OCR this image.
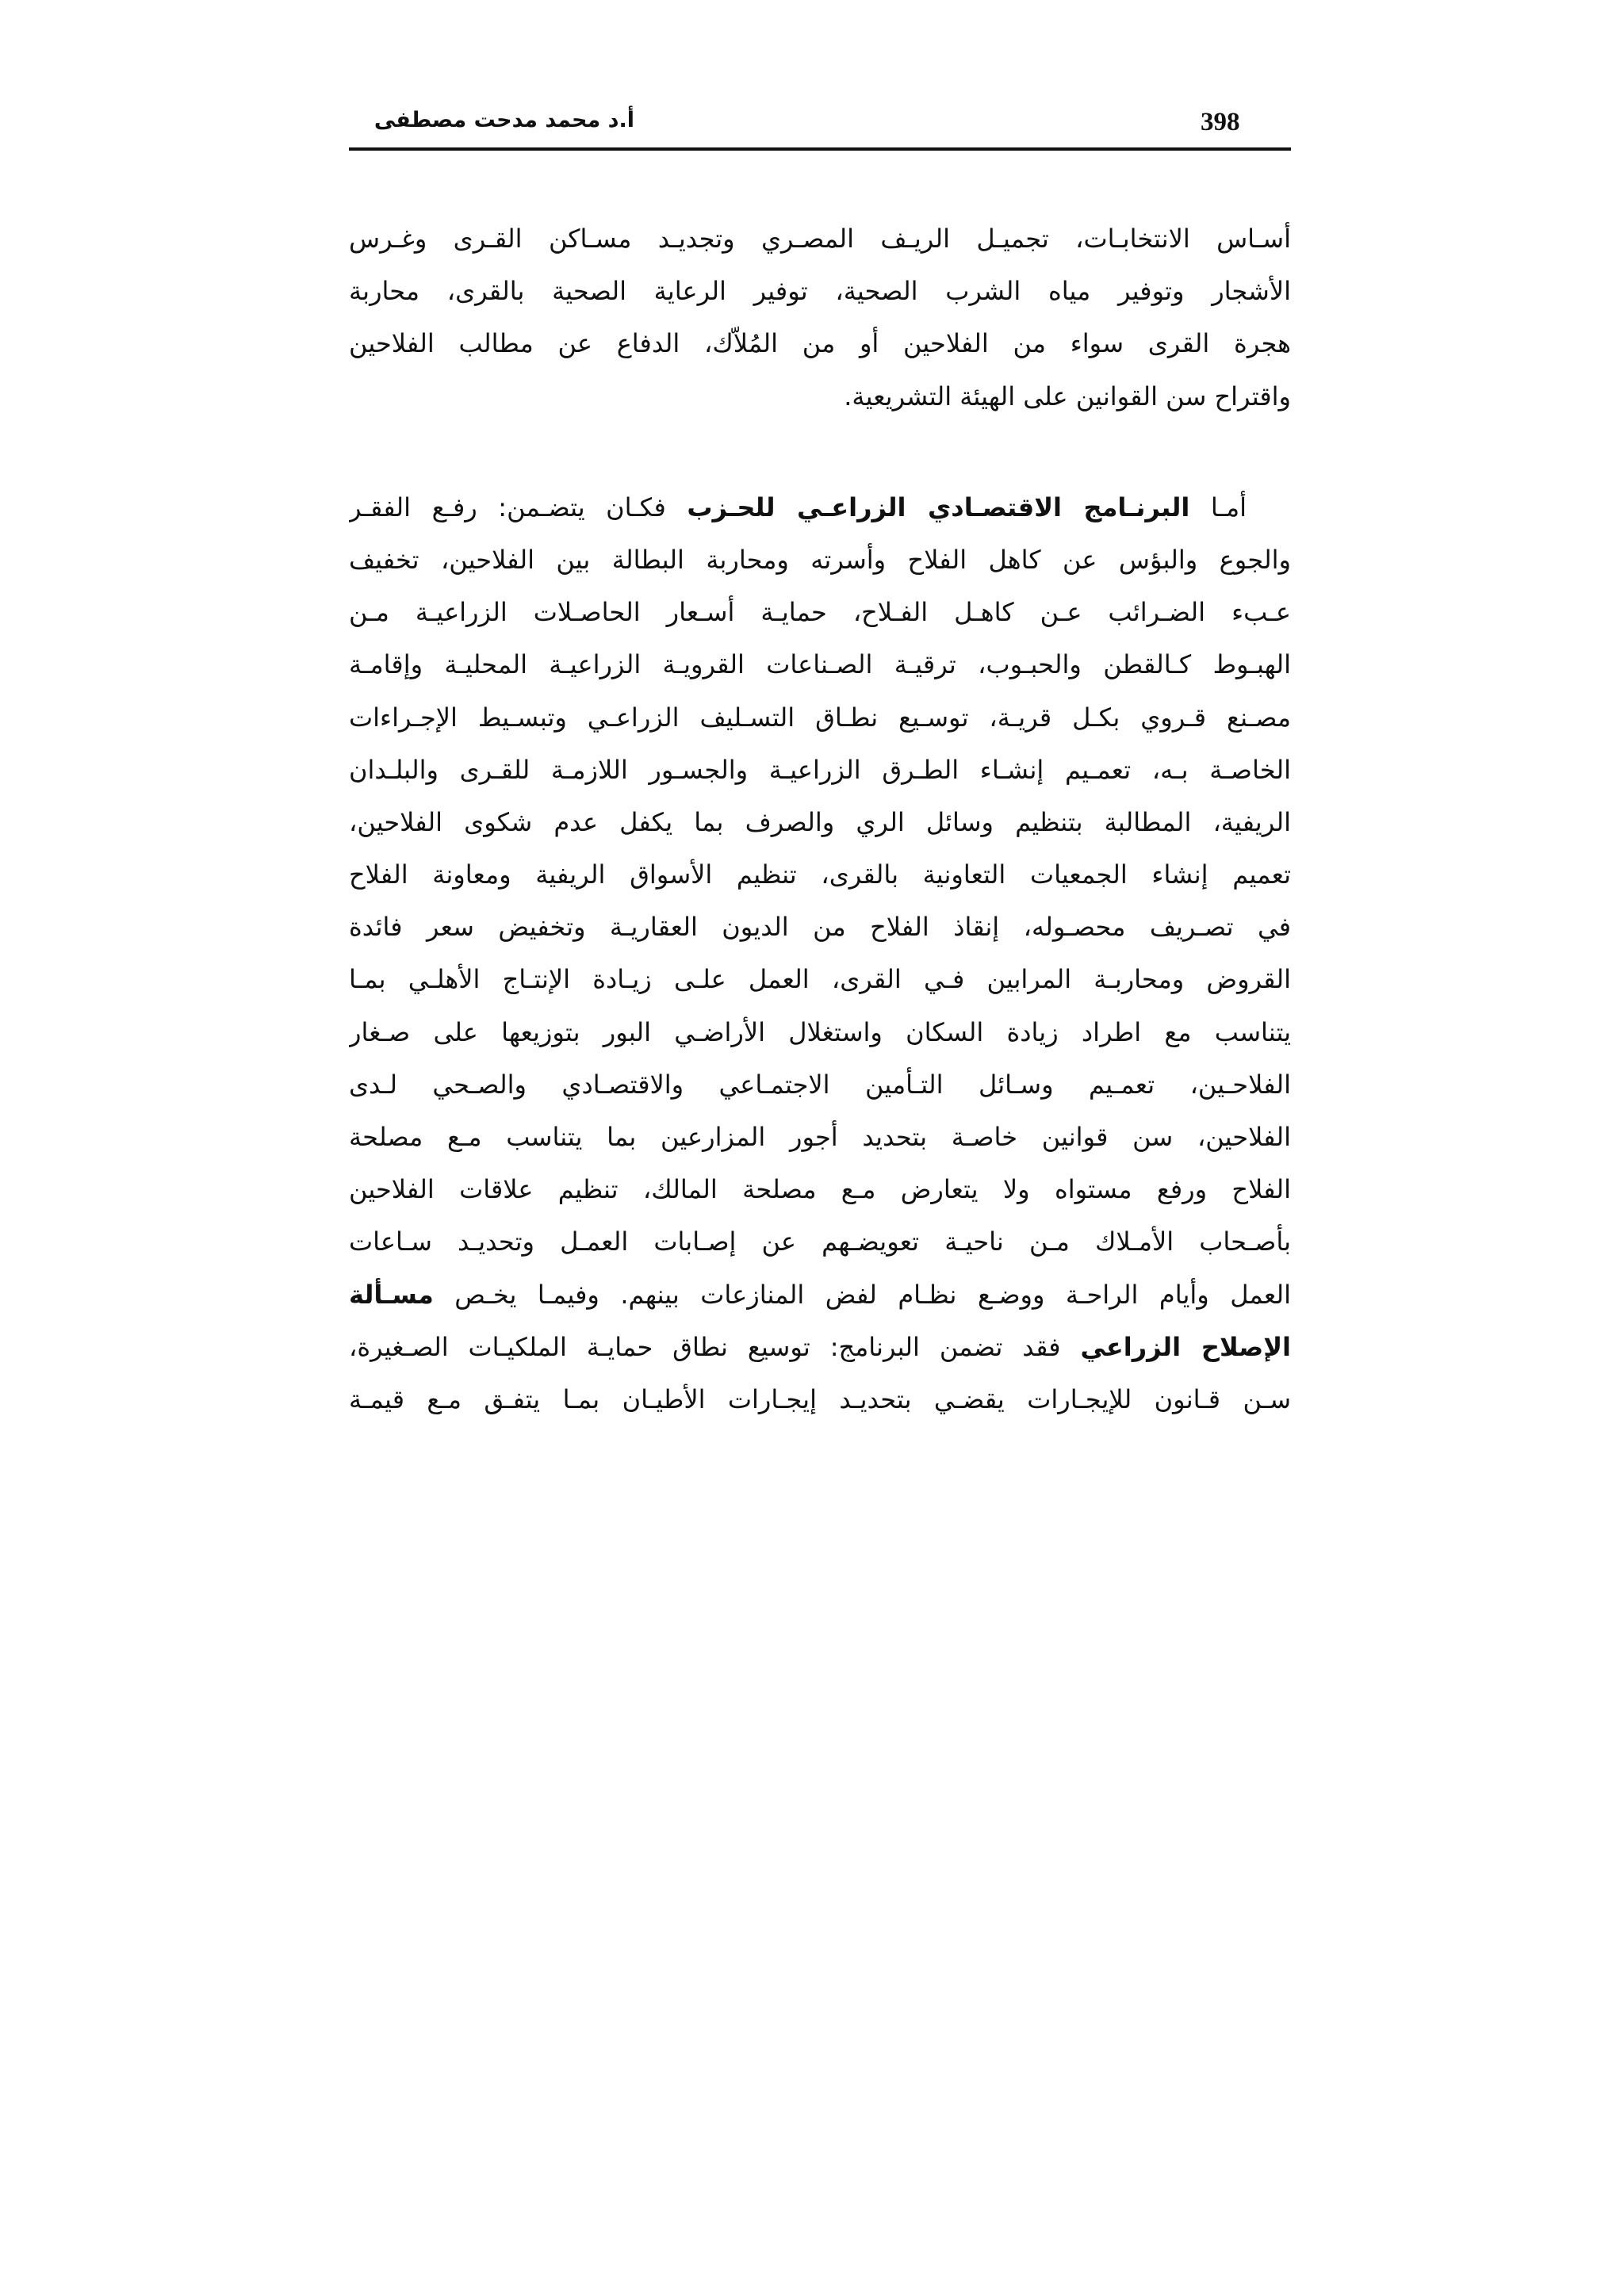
أ.د محمد مدحت مصطفى	398
أسـاس الانتخابـات، تجميـل الريـف المصـري وتجديـد مسـاكن القـرى وغـرس
الأشجار وتوفير مياه الشرب الصحية، توفير الرعاية الصحية بالقرى، محاربة
هجرة القرى سواء من الفلاحين أو من المُلاّك، الدفاع عن مطالب الفلاحين
واقتراح سن القوانين على الهيئة التشريعية.
أمـا البرنـامج الاقتصـادي الزراعـي للحـزب فكـان يتضـمن: رفـع الفقـر
والجوع والبؤس عن كاهل الفلاح وأسرته ومحاربة البطالة بين الفلاحين، تخفيف
عـبء الضـرائب عـن كاهـل الفـلاح، حمايـة أسـعار الحاصـلات الزراعيـة مـن
الهبـوط كـالقطن والحبـوب، ترقيـة الصـناعات القرويـة الزراعيـة المحليـة وإقامـة
مصـنع قـروي بكـل قريـة، توسـيع نطـاق التسـليف الزراعـي وتبسـيط الإجـراءات
الخاصـة بـه، تعمـيم إنشـاء الطـرق الزراعيـة والجسـور اللازمـة للقـرى والبلـدان
الريفية، المطالبة بتنظيم وسائل الري والصرف بما يكفل عدم شكوى الفلاحين،
تعميم إنشاء الجمعيات التعاونية بالقرى، تنظيم الأسواق الريفية ومعاونة الفلاح
في تصـريف محصـوله، إنقاذ الفلاح من الديون العقاريـة وتخفيض سعر فائدة
القروض ومحاربـة المرابين فـي القرى، العمل علـى زيـادة الإنتـاج الأهلـي بمـا
يتناسب مع اطراد زيادة السكان واستغلال الأراضـي البور بتوزيعها على صـغار
الفلاحـين، تعمـيم وسـائل التـأمين الاجتمـاعي والاقتصـادي والصـحي لـدى
الفلاحين، سن قوانين خاصـة بتحديد أجور المزارعين بما يتناسب مـع مصلحة
الفلاح ورفع مستواه ولا يتعارض مـع مصلحة المالك، تنظيم علاقات الفلاحين
بأصـحاب الأمـلاك مـن ناحيـة تعويضـهم عن إصـابات العمـل وتحديـد سـاعات
العمل وأيام الراحـة ووضـع نظـام لفض المنازعات بينهم. وفيمـا يخـص مسـألة
الإصلاح الزراعي فقد تضمن البرنامج: توسيع نطاق حمايـة الملكيـات الصـغيرة،
سـن قـانون للإيجـارات يقضـي بتحديـد إيجـارات الأطيـان بمـا يتفـق مـع قيمـة
